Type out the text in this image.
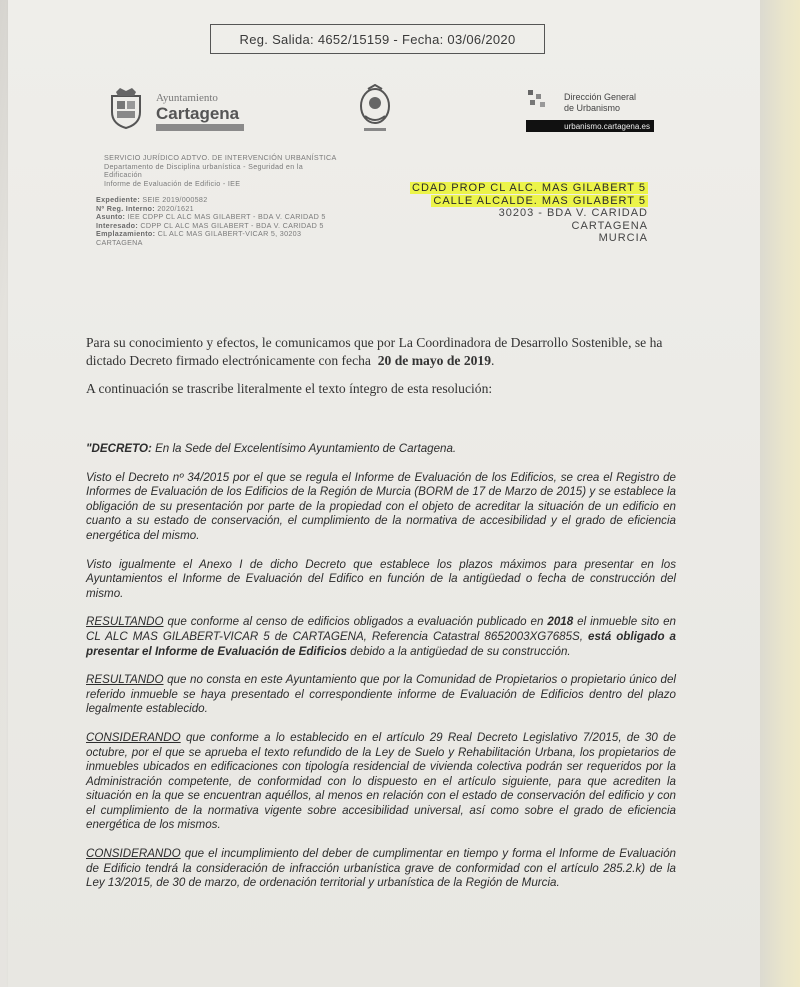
Reg. Salida: 4652/15159 - Fecha: 03/06/2020
Ayuntamiento
Cartagena
Dirección General
de Urbanismo
urbanismo.cartagena.es
SERVICIO JURÍDICO ADTVO. DE INTERVENCIÓN URBANÍSTICA
Departamento de Disciplina urbanística - Seguridad en la
Edificación
Informe de Evaluación de Edificio - IEE
Expediente: SEIE 2019/000582
Nº Reg. Interno: 2020/1621
Asunto: IEE CDPP CL ALC MAS GILABERT - BDA V. CARIDAD 5
Interesado: CDPP CL ALC MAS GILABERT - BDA V. CARIDAD 5
Emplazamiento: CL ALC MAS GILABERT-VICAR 5, 30203
CARTAGENA
CDAD PROP CL ALC. MAS GILABERT 5
CALLE ALCALDE. MAS GILABERT 5
30203 - BDA V. CARIDAD
CARTAGENA
MURCIA

Para su conocimiento y efectos, le comunicamos que por La Coordinadora de Desarrollo Sostenible, se ha dictado Decreto firmado electrónicamente con fecha 20 de mayo de 2019.

A continuación se trascribe literalmente el texto íntegro de esta resolución:

"DECRETO: En la Sede del Excelentísimo Ayuntamiento de Cartagena.

Visto el Decreto nº 34/2015 por el que se regula el Informe de Evaluación de los Edificios, se crea el Registro de Informes de Evaluación de los Edificios de la Región de Murcia (BORM de 17 de Marzo de 2015) y se establece la obligación de su presentación por parte de la propiedad con el objeto de acreditar la situación de un edificio en cuanto a su estado de conservación, el cumplimiento de la normativa de accesibilidad y el grado de eficiencia energética del mismo.

Visto igualmente el Anexo I de dicho Decreto que establece los plazos máximos para presentar en los Ayuntamientos el Informe de Evaluación del Edifico en función de la antigüedad o fecha de construcción del mismo.

RESULTANDO que conforme al censo de edificios obligados a evaluación publicado en 2018 el inmueble sito en CL ALC MAS GILABERT-VICAR 5 de CARTAGENA, Referencia Catastral 8652003XG7685S, está obligado a presentar el Informe de Evaluación de Edificios debido a la antigüedad de su construcción.

RESULTANDO que no consta en este Ayuntamiento que por la Comunidad de Propietarios o propietario único del referido inmueble se haya presentado el correspondiente informe de Evaluación de Edificios dentro del plazo legalmente establecido.

CONSIDERANDO que conforme a lo establecido en el artículo 29 Real Decreto Legislativo 7/2015, de 30 de octubre, por el que se aprueba el texto refundido de la Ley de Suelo y Rehabilitación Urbana, los propietarios de inmuebles ubicados en edificaciones con tipología residencial de vivienda colectiva podrán ser requeridos por la Administración competente, de conformidad con lo dispuesto en el artículo siguiente, para que acrediten la situación en la que se encuentran aquéllos, al menos en relación con el estado de conservación del edificio y con el cumplimiento de la normativa vigente sobre accesibilidad universal, así como sobre el grado de eficiencia energética de los mismos.

CONSIDERANDO que el incumplimiento del deber de cumplimentar en tiempo y forma el Informe de Evaluación de Edificio tendrá la consideración de infracción urbanística grave de conformidad con el artículo 285.2.k) de la Ley 13/2015, de 30 de marzo, de ordenación territorial y urbanística de la Región de Murcia.
